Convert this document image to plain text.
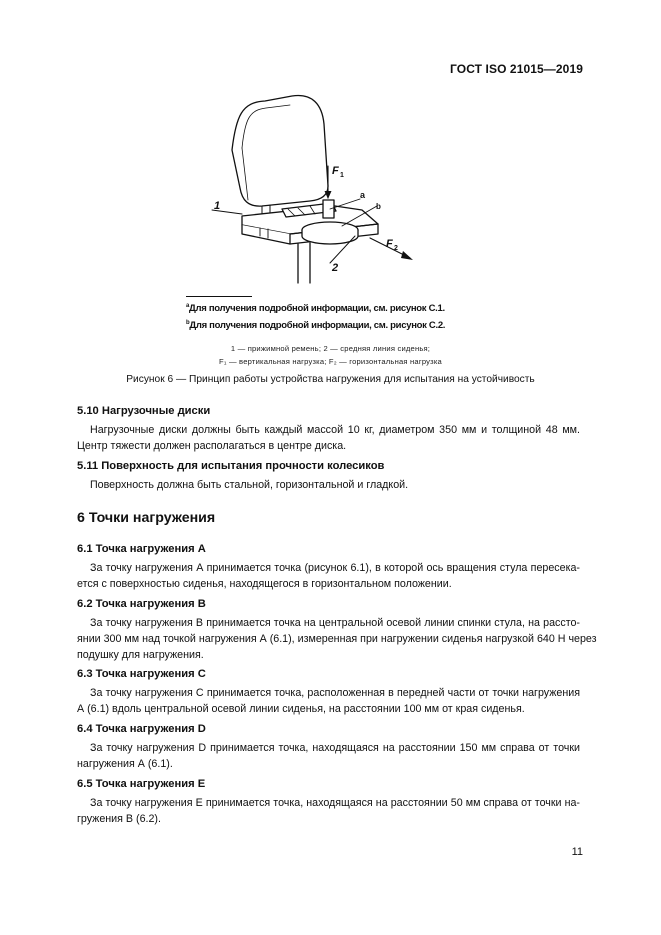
ГОСТ ISO 21015—2019
F 1
F 2
a
b
1
2
$^a$Для получения подробной информации, см. рисунок С.1.
$^b$Для получения подробной информации, см. рисунок С.2.
1 — прижимной ремень; 2 — средняя линия сиденья;
F₁ — вертикальная нагрузка; F₂ — горизонтальная нагрузка
Рисунок 6 — Принцип работы устройства нагружения для испытания на устойчивость
5.10 Нагрузочные диски
Нагрузочные диски должны быть каждый массой 10 кг, диаметром 350 мм и толщиной 48 мм.
Центр тяжести должен располагаться в центре диска.
5.11 Поверхность для испытания прочности колесиков
Поверхность должна быть стальной, горизонтальной и гладкой.
6 Точки нагружения
6.1 Точка нагружения А
За точку нагружения А принимается точка (рисунок 6.1), в которой ось вращения стула пересека-
ется с поверхностью сиденья, находящегося в горизонтальном положении.
6.2 Точка нагружения В
За точку нагружения В принимается точка на центральной осевой линии спинки стула, на рассто-
янии 300 мм над точкой нагружения А (6.1), измеренная при нагружении сиденья нагрузкой 640 Н через
подушку для нагружения.
6.3 Точка нагружения С
За точку нагружения С принимается точка, расположенная в передней части от точки нагружения
А (6.1) вдоль центральной осевой линии сиденья, на расстоянии 100 мм от края сиденья.
6.4 Точка нагружения D
За точку нагружения D принимается точка, находящаяся на расстоянии 150 мм справа от точки
нагружения А (6.1).
6.5 Точка нагружения Е
За точку нагружения Е принимается точка, находящаяся на расстоянии 50 мм справа от точки на-
гружения В (6.2).
11
